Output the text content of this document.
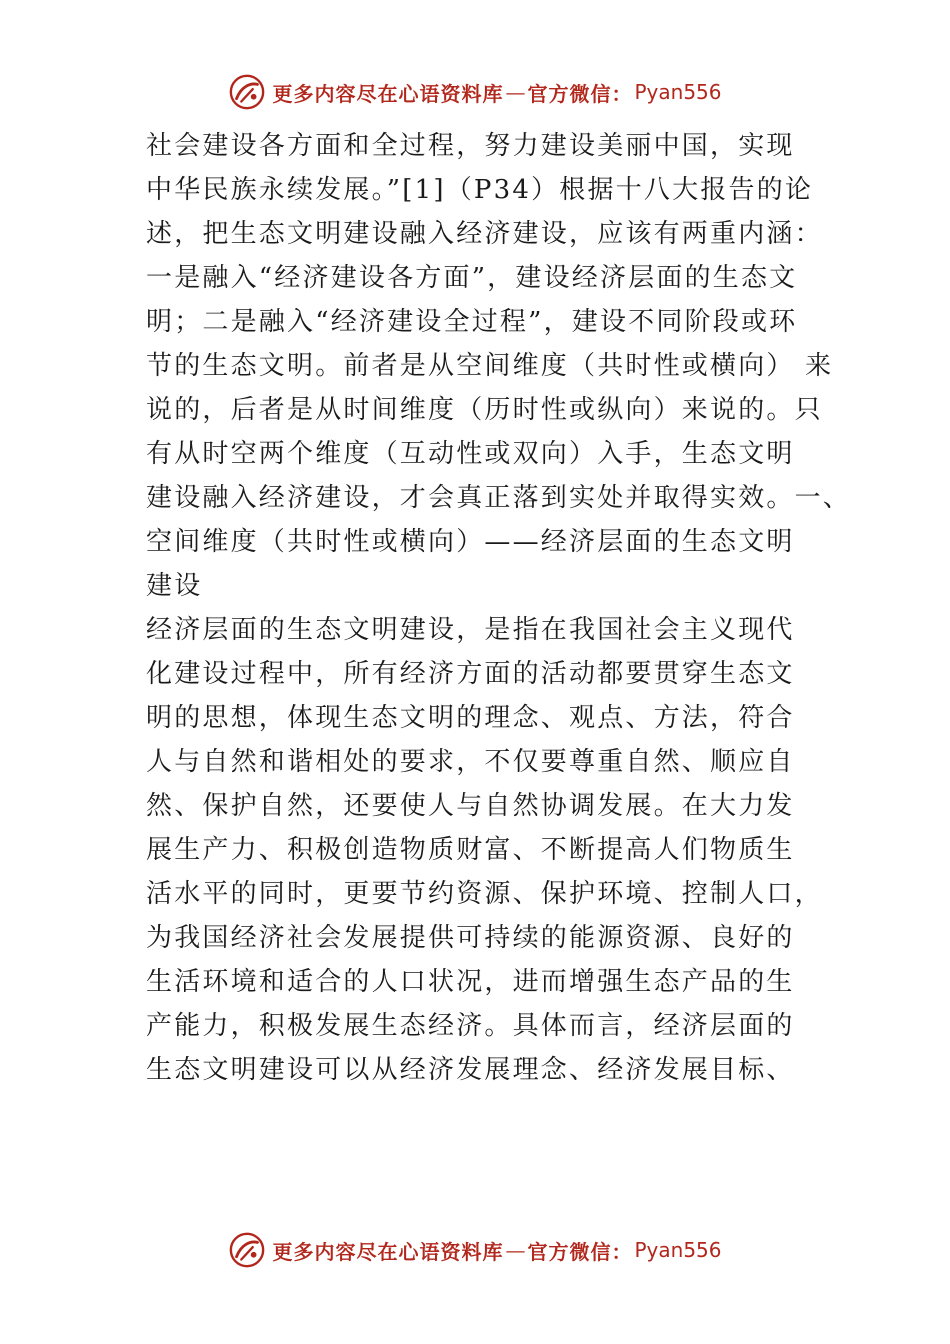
更多内容尽在心语资料库 — 官方微信： Pyan556
社会建设各方面和全过程，努力建设美丽中国，实现
中华民族永续发展。”[1]（P34）根据十八大报告的论
述，把生态文明建设融入经济建设，应该有两重内涵：
一是融入“经济建设各方面”，建设经济层面的生态文
明；二是融入“经济建设全过程”，建设不同阶段或环
节的生态文明。前者是从空间维度（共时性或横向） 来
说的，后者是从时间维度（历时性或纵向）来说的。只
有从时空两个维度（互动性或双向）入手，生态文明
建设融入经济建设，才会真正落到实处并取得实效。一、
空间维度（共时性或横向）——经济层面的生态文明
建设
经济层面的生态文明建设，是指在我国社会主义现代
化建设过程中，所有经济方面的活动都要贯穿生态文
明的思想，体现生态文明的理念、观点、方法，符合
人与自然和谐相处的要求，不仅要尊重自然、顺应自
然、保护自然，还要使人与自然协调发展。在大力发
展生产力、积极创造物质财富、不断提高人们物质生
活水平的同时，更要节约资源、保护环境、控制人口，
为我国经济社会发展提供可持续的能源资源、良好的
生活环境和适合的人口状况，进而增强生态产品的生
产能力，积极发展生态经济。具体而言，经济层面的
生态文明建设可以从经济发展理念、经济发展目标、
更多内容尽在心语资料库 — 官方微信： Pyan556
